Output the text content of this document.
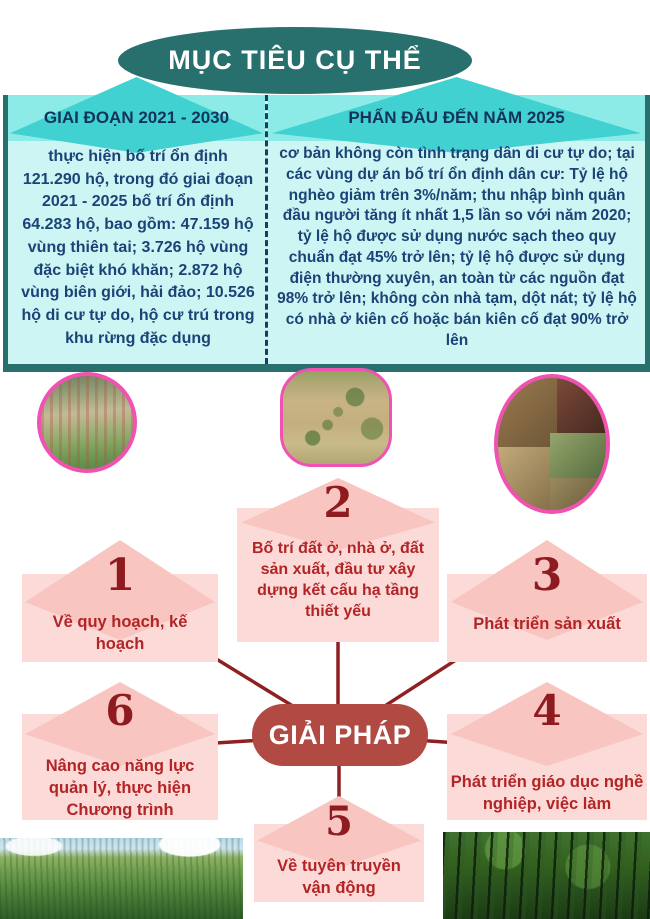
MỤC TIÊU CỤ THỂ
GIAI ĐOẠN 2021 - 2030	PHẤN ĐẤU ĐẾN NĂM 2025
thực hiện bố trí ổn định 121.290 hộ, trong đó giai đoạn 2021 - 2025 bố trí ổn định 64.283 hộ, bao gồm: 47.159 hộ vùng thiên tai; 3.726 hộ vùng đặc biệt khó khăn; 2.872 hộ vùng biên giới, hải đảo; 10.526 hộ di cư tự do, hộ cư trú trong khu rừng đặc dụng
cơ bản không còn tình trạng dân di cư tự do; tại các vùng dự án bố trí ổn định dân cư: Tỷ lệ hộ nghèo giảm trên 3%/năm; thu nhập bình quân đầu người tăng ít nhất 1,5 lần so với năm 2020; tỷ lệ hộ được sử dụng nước sạch theo quy chuẩn đạt 45% trở lên; tỷ lệ hộ được sử dụng điện thường xuyên, an toàn từ các nguồn đạt 98% trở lên; không còn nhà tạm, dột nát; tỷ lệ hộ có nhà ở kiên cố hoặc bán kiên cố đạt 90% trở lên
1
Về quy hoạch, kế hoạch
2
Bố trí đất ở, nhà ở, đất sản xuất, đầu tư xây dựng kết cấu hạ tầng thiết yếu
3
Phát triển sản xuất
4
Phát triển giáo dục nghề nghiệp, việc làm
5
Về tuyên truyền vận động
6
Nâng cao năng lực quản lý, thực hiện Chương trình
GIẢI PHÁP
